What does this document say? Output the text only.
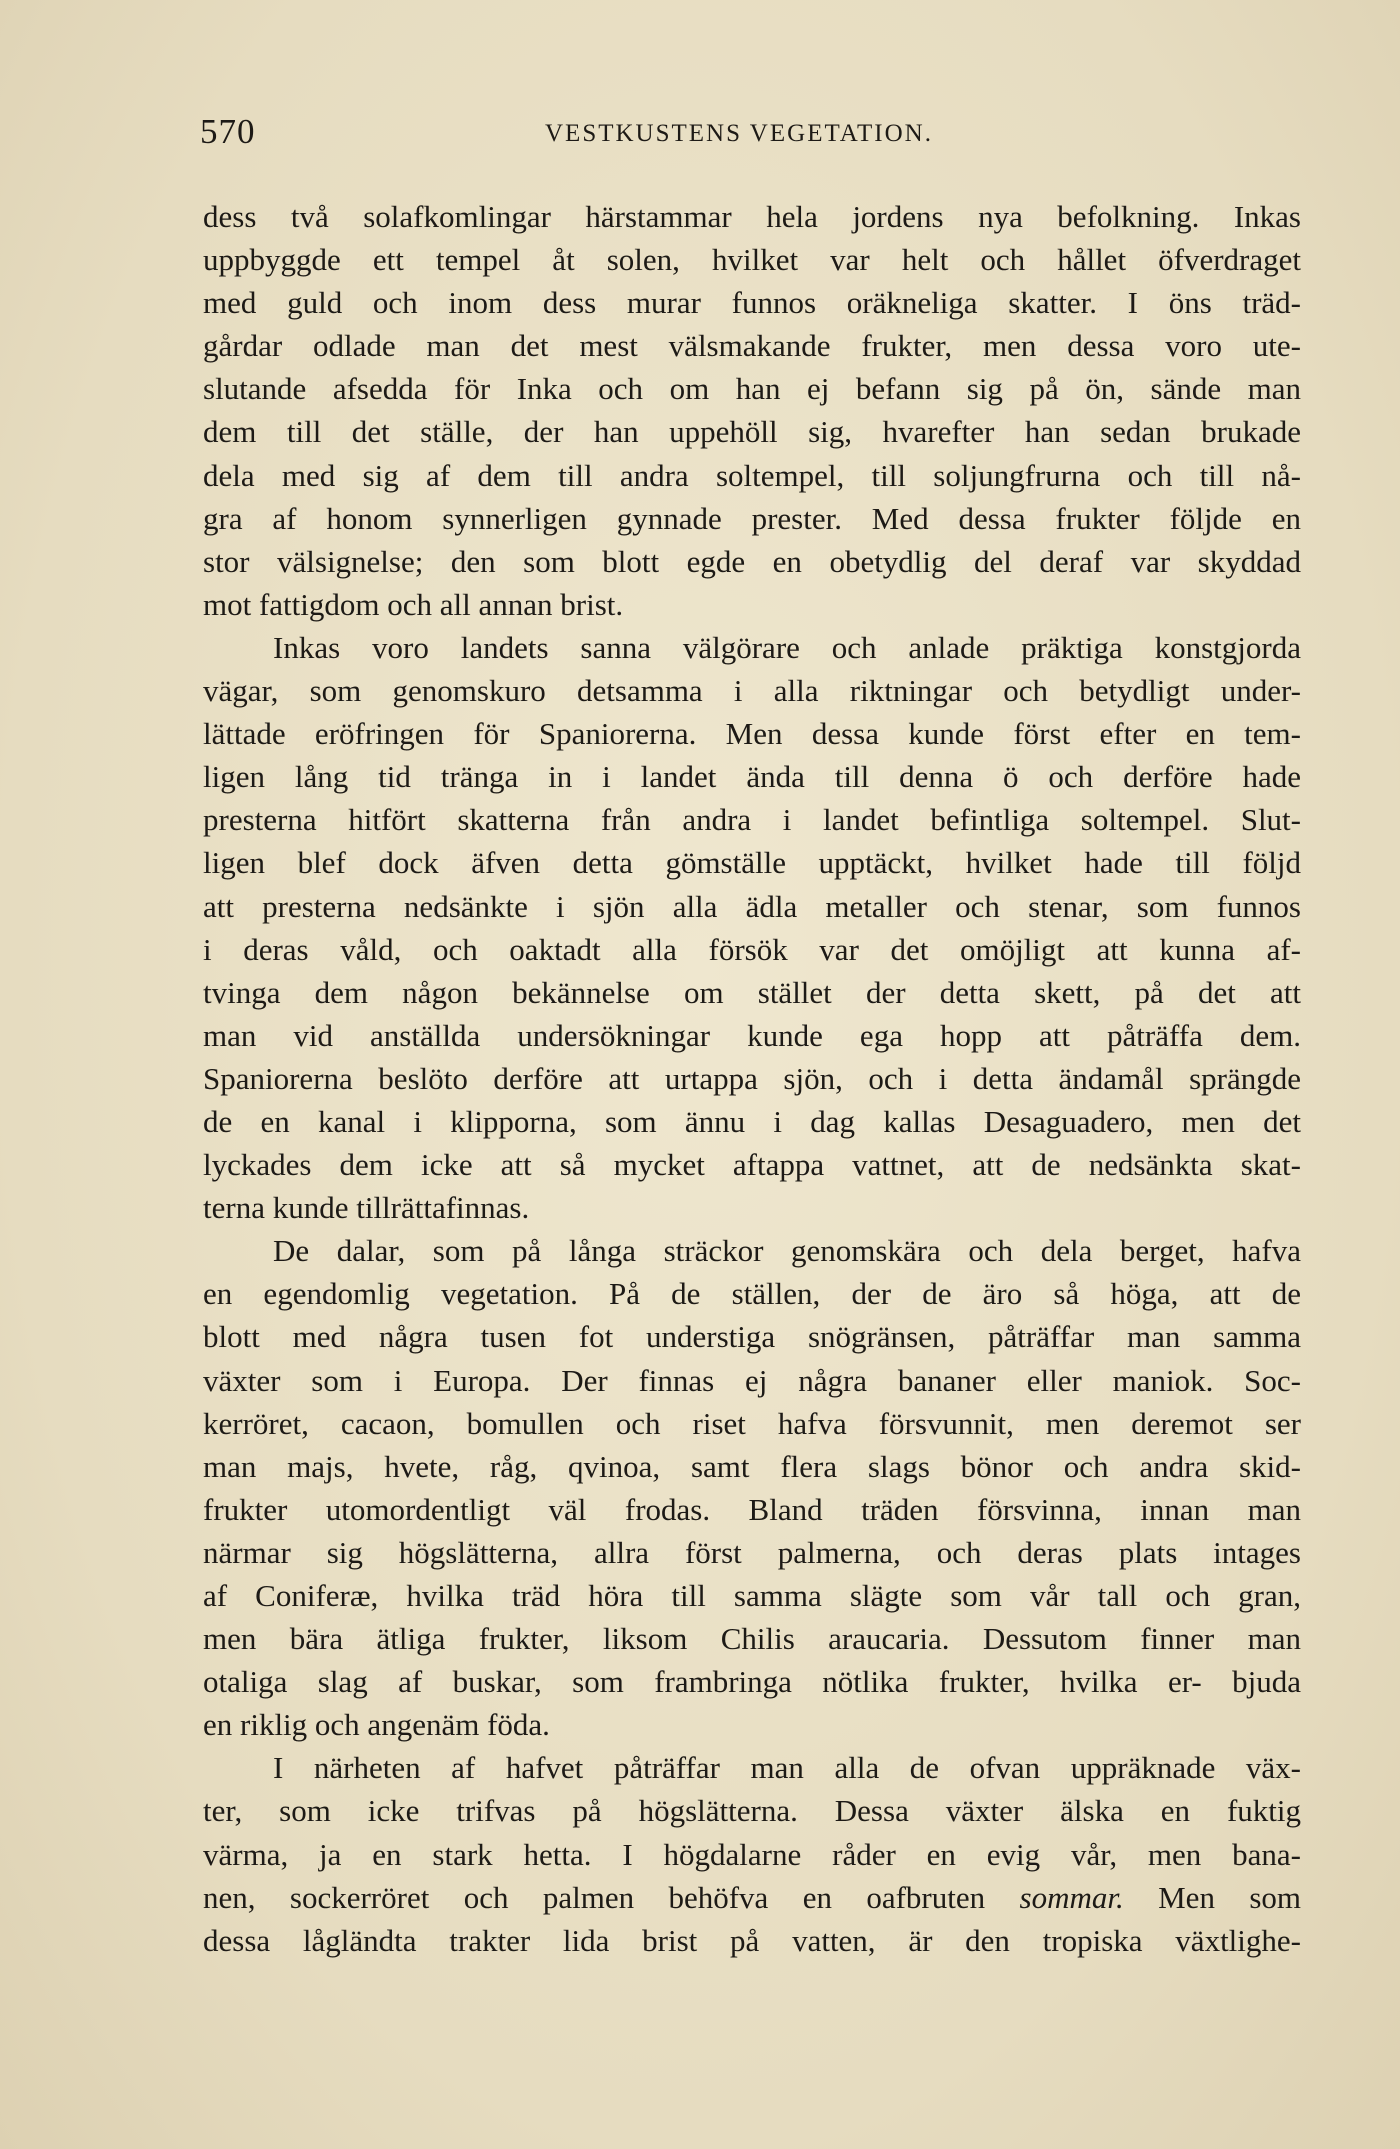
570	VESTKUSTENS VEGETATION.
dess två solafkomlingar härstammar hela jordens nya befolkning. Inkas
uppbyggde ett tempel åt solen, hvilket var helt och hållet öfverdraget
med guld och inom dess murar funnos oräkneliga skatter. I öns träd-
gårdar odlade man det mest välsmakande frukter, men dessa voro ute-
slutande afsedda för Inka och om han ej befann sig på ön, sände man
dem till det ställe, der han uppehöll sig, hvarefter han sedan brukade
dela med sig af dem till andra soltempel, till soljungfrurna och till nå-
gra af honom synnerligen gynnade prester. Med dessa frukter följde en
stor välsignelse; den som blott egde en obetydlig del deraf var skyddad
mot fattigdom och all annan brist.
Inkas voro landets sanna välgörare och anlade präktiga konstgjorda
vägar, som genomskuro detsamma i alla riktningar och betydligt under-
lättade eröfringen för Spaniorerna. Men dessa kunde först efter en tem-
ligen lång tid tränga in i landet ända till denna ö och derföre hade
presterna hitfört skatterna från andra i landet befintliga soltempel. Slut-
ligen blef dock äfven detta gömställe upptäckt, hvilket hade till följd
att presterna nedsänkte i sjön alla ädla metaller och stenar, som funnos
i deras våld, och oaktadt alla försök var det omöjligt att kunna af-
tvinga dem någon bekännelse om stället der detta skett, på det att
man vid anställda undersökningar kunde ega hopp att påträffa dem.
Spaniorerna beslöto derföre att urtappa sjön, och i detta ändamål sprängde
de en kanal i klipporna, som ännu i dag kallas Desaguadero, men det
lyckades dem icke att så mycket aftappa vattnet, att de nedsänkta skat-
terna kunde tillrättafinnas.
De dalar, som på långa sträckor genomskära och dela berget, hafva
en egendomlig vegetation. På de ställen, der de äro så höga, att de
blott med några tusen fot understiga snögränsen, påträffar man samma
växter som i Europa. Der finnas ej några bananer eller maniok. Soc-
kerröret, cacaon, bomullen och riset hafva försvunnit, men deremot ser
man majs, hvete, råg, qvinoa, samt flera slags bönor och andra skid-
frukter utomordentligt väl frodas. Bland träden försvinna, innan man
närmar sig högslätterna, allra först palmerna, och deras plats intages
af Coniferæ, hvilka träd höra till samma slägte som vår tall och gran,
men bära ätliga frukter, liksom Chilis araucaria. Dessutom finner man
otaliga slag af buskar, som frambringa nötlika frukter, hvilka er- bjuda
en riklig och angenäm föda.
I närheten af hafvet påträffar man alla de ofvan uppräknade väx-
ter, som icke trifvas på högslätterna. Dessa växter älska en fuktig
värma, ja en stark hetta. I högdalarne råder en evig vår, men bana-
nen, sockerröret och palmen behöfva en oafbruten sommar. Men som
dessa lågländta trakter lida brist på vatten, är den tropiska växtlighe-
